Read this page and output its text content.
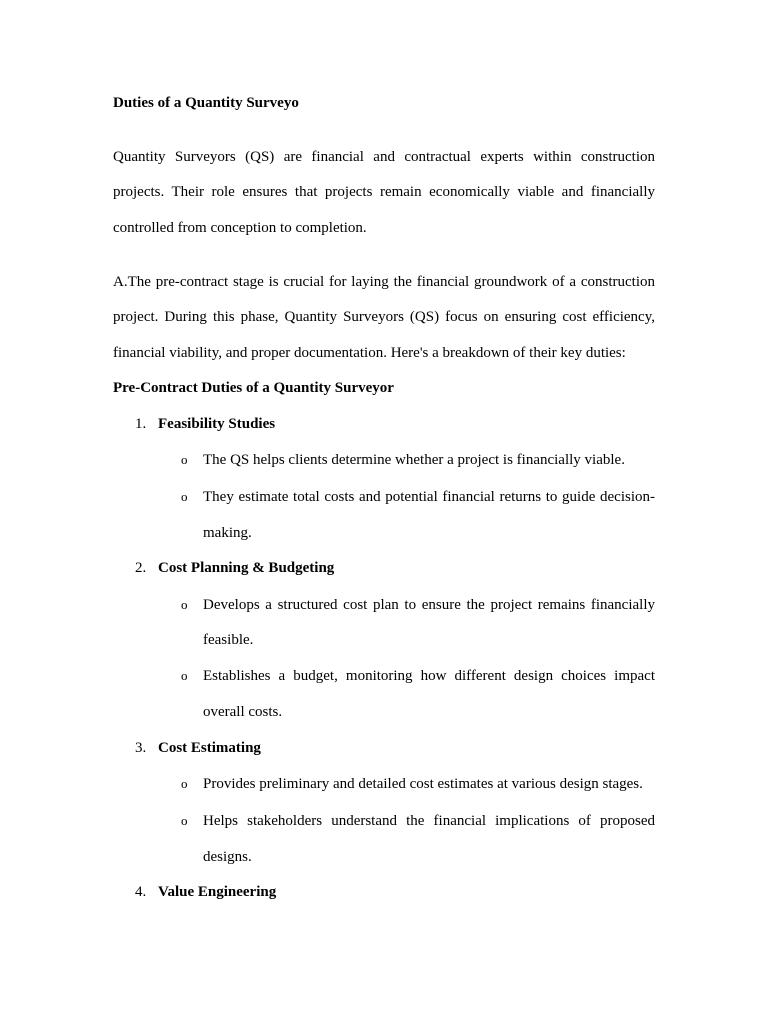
Duties of a Quantity Surveyo
Quantity Surveyors (QS) are financial and contractual experts within construction
projects. Their role ensures that projects remain economically viable and financially
controlled from conception to completion.
A.The pre-contract stage is crucial for laying the financial groundwork of a construction
project. During this phase, Quantity Surveyors (QS) focus on ensuring cost efficiency,
financial viability, and proper documentation. Here's a breakdown of their key duties:
Pre-Contract Duties of a Quantity Surveyor
1. Feasibility Studies
o The QS helps clients determine whether a project is financially viable.
o They estimate total costs and potential financial returns to guide decision-
making.
2. Cost Planning & Budgeting
o Develops a structured cost plan to ensure the project remains financially
feasible.
o Establishes a budget, monitoring how different design choices impact
overall costs.
3. Cost Estimating
o Provides preliminary and detailed cost estimates at various design stages.
o Helps stakeholders understand the financial implications of proposed
designs.
4. Value Engineering
